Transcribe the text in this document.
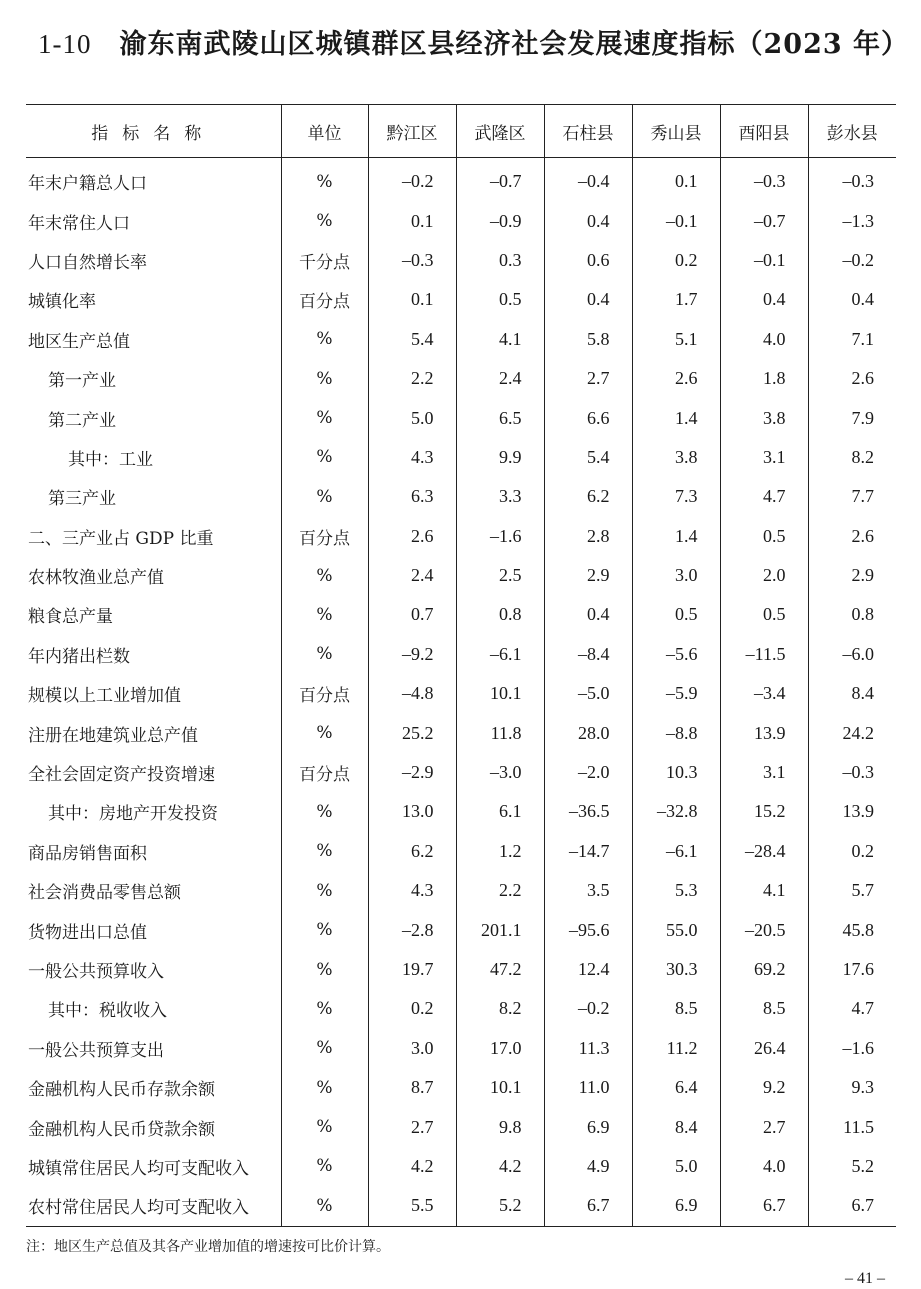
1-10 渝东南武陵山区城镇群区县经济社会发展速度指标（2023 年）
指标名称	单位	黔江区	武隆区	石柱县	秀山县	酉阳县	彭水县
年末户籍总人口	%	–0.2	–0.7	–0.4	0.1	–0.3	–0.3
年末常住人口	%	0.1	–0.9	0.4	–0.1	–0.7	–1.3
人口自然增长率	千分点	–0.3	0.3	0.6	0.2	–0.1	–0.2
城镇化率	百分点	0.1	0.5	0.4	1.7	0.4	0.4
地区生产总值	%	5.4	4.1	5.8	5.1	4.0	7.1
第一产业	%	2.2	2.4	2.7	2.6	1.8	2.6
第二产业	%	5.0	6.5	6.6	1.4	3.8	7.9
其中：工业	%	4.3	9.9	5.4	3.8	3.1	8.2
第三产业	%	6.3	3.3	6.2	7.3	4.7	7.7
二、三产业占 GDP 比重	百分点	2.6	–1.6	2.8	1.4	0.5	2.6
农林牧渔业总产值	%	2.4	2.5	2.9	3.0	2.0	2.9
粮食总产量	%	0.7	0.8	0.4	0.5	0.5	0.8
年内猪出栏数	%	–9.2	–6.1	–8.4	–5.6	–11.5	–6.0
规模以上工业增加值	百分点	–4.8	10.1	–5.0	–5.9	–3.4	8.4
注册在地建筑业总产值	%	25.2	11.8	28.0	–8.8	13.9	24.2
全社会固定资产投资增速	百分点	–2.9	–3.0	–2.0	10.3	3.1	–0.3
其中：房地产开发投资	%	13.0	6.1	–36.5	–32.8	15.2	13.9
商品房销售面积	%	6.2	1.2	–14.7	–6.1	–28.4	0.2
社会消费品零售总额	%	4.3	2.2	3.5	5.3	4.1	5.7
货物进出口总值	%	–2.8	201.1	–95.6	55.0	–20.5	45.8
一般公共预算收入	%	19.7	47.2	12.4	30.3	69.2	17.6
其中：税收收入	%	0.2	8.2	–0.2	8.5	8.5	4.7
一般公共预算支出	%	3.0	17.0	11.3	11.2	26.4	–1.6
金融机构人民币存款余额	%	8.7	10.1	11.0	6.4	9.2	9.3
金融机构人民币贷款余额	%	2.7	9.8	6.9	8.4	2.7	11.5
城镇常住居民人均可支配收入	%	4.2	4.2	4.9	5.0	4.0	5.2
农村常住居民人均可支配收入	%	5.5	5.2	6.7	6.9	6.7	6.7
注：地区生产总值及其各产业增加值的增速按可比价计算。
– 41 –
